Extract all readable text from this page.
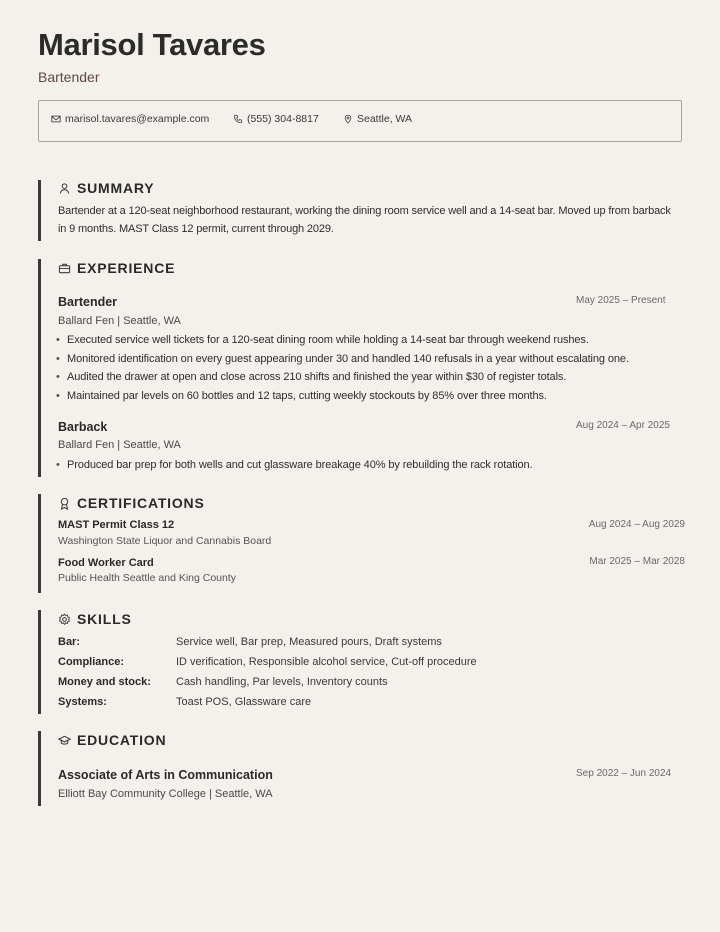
Marisol Tavares
Bartender
marisol.tavares@example.com	(555) 304-8817	Seattle, WA
SUMMARY
Bartender at a 120-seat neighborhood restaurant, working the dining room service well and a 14-seat bar. Moved up from barback
in 9 months. MAST Class 12 permit, current through 2029.
EXPERIENCE
Bartender	May 2025 – Present
Ballard Fen | Seattle, WA
• Executed service well tickets for a 120-seat dining room while holding a 14-seat bar through weekend rushes.
• Monitored identification on every guest appearing under 30 and handled 140 refusals in a year without escalating one.
• Audited the drawer at open and close across 210 shifts and finished the year within $30 of register totals.
• Maintained par levels on 60 bottles and 12 taps, cutting weekly stockouts by 85% over three months.
Barback	Aug 2024 – Apr 2025
Ballard Fen | Seattle, WA
• Produced bar prep for both wells and cut glassware breakage 40% by rebuilding the rack rotation.
CERTIFICATIONS
MAST Permit Class 12	Aug 2024 – Aug 2029
Washington State Liquor and Cannabis Board
Food Worker Card	Mar 2025 – Mar 2028
Public Health Seattle and King County
SKILLS
Bar:	Service well, Bar prep, Measured pours, Draft systems
Compliance:	ID verification, Responsible alcohol service, Cut-off procedure
Money and stock: Cash handling, Par levels, Inventory counts
Systems:	Toast POS, Glassware care
EDUCATION
Associate of Arts in Communication	Sep 2022 – Jun 2024
Elliott Bay Community College | Seattle, WA
